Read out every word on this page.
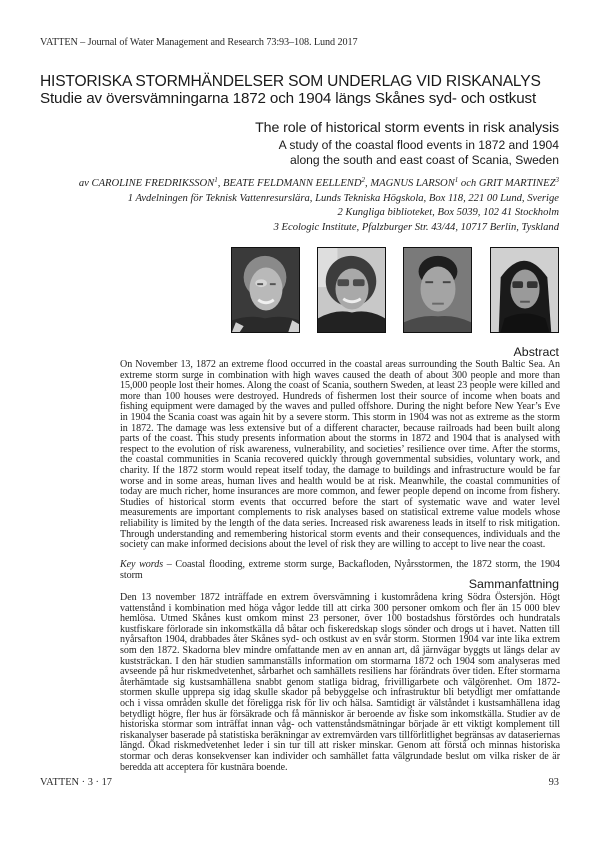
VATTEN – Journal of Water Management and Research 73:93–108. Lund 2017
HISTORISKA STORMHÄNDELSER SOM UNDERLAG VID RISKANALYS
Studie av översvämningarna 1872 och 1904 längs Skånes syd- och ostkust
The role of historical storm events in risk analysis
A study of the coastal flood events in 1872 and 1904
along the south and east coast of Scania, Sweden
av CAROLINE FREDRIKSSON$^1$, BEATE FELDMANN EELLEND$^2$, MAGNUS LARSON$^1$ och GRIT MARTINEZ$^3$
1 Avdelningen för Teknisk Vattenresurslära, Lunds Tekniska Högskola, Box 118, 221 00 Lund, Sverige
2 Kungliga biblioteket, Box 5039, 102 41 Stockholm
3 Ecologic Institute, Pfalzburger Str. 43/44, 10717 Berlin, Tyskland
Abstract
On November 13, 1872 an extreme flood occurred in the coastal areas surrounding the South Baltic Sea. An extreme storm surge in combination with high waves caused the death of about 300 people and more than 15,000 people lost their homes. Along the coast of Scania, southern Sweden, at least 23 people were killed and more than 100 houses were destroyed. Hundreds of fishermen lost their source of income when boats and fishing equipment were damaged by the waves and pulled offshore. During the night before New Year’s Eve in 1904 the Scania coast was again hit by a severe storm. This storm in 1904 was not as extreme as the storm in 1872. The damage was less extensive but of a different character, because railroads had been built along parts of the coast. This study presents information about the storms in 1872 and 1904 that is analysed with respect to the evolution of risk awareness, vulnerability, and societies’ resilience over time. After the storms, the coastal communities in Scania recovered quickly through governmental subsidies, voluntary work, and charity. If the 1872 storm would repeat itself today, the damage to buildings and infrastructure would be far worse and in some areas, human lives and health would be at risk. Meanwhile, the coastal communities of today are much richer, home insurances are more common, and fewer people depend on income from fishery. Studies of historical storm events that occurred before the start of systematic wave and water level measurements are important complements to risk analyses based on statistical extreme value models whose reliability is limited by the length of the data series. Increased risk awareness leads in itself to risk mitigation. Through understanding and remembering historical storm events and their consequences, individuals and the society can make informed decisions about the level of risk they are willing to accept to live near the coast.
Key words – Coastal flooding, extreme storm surge, Backafloden, Nyårsstormen, the 1872 storm, the 1904 storm
Sammanfattning
Den 13 november 1872 inträffade en extrem översvämning i kustområdena kring Södra Östersjön. Högt vattenstånd i kombination med höga vågor ledde till att cirka 300 personer omkom och fler än 15 000 blev hemlösa. Utmed Skånes kust omkom minst 23 personer, över 100 bostadshus förstördes och hundratals kustfiskare förlorade sin inkomstkälla då båtar och fiskeredskap slogs sönder och drogs ut i havet. Natten till nyårsafton 1904, drabbades åter Skånes syd- och ostkust av en svår storm. Stormen 1904 var inte lika extrem som den 1872. Skadorna blev mindre omfattande men av en annan art, då järnvägar byggts ut längs delar av kuststräckan. I den här studien sammanställs information om stormarna 1872 och 1904 som analyseras med avseende på hur riskmedvetenhet, sårbarhet och samhällets resiliens har förändrats över tiden. Efter stormarna återhämtade sig kustsamhällena snabbt genom statliga bidrag, frivilligarbete och välgörenhet. Om 1872-stormen skulle upprepa sig idag skulle skador på bebyggelse och infrastruktur bli betydligt mer omfattande och i vissa områden skulle det föreligga risk för liv och hälsa. Samtidigt är välståndet i kustsamhällena idag betydligt högre, fler hus är försäkrade och få människor är beroende av fiske som inkomstkälla. Studier av de historiska stormar som inträffat innan våg- och vattenståndsmätningar började är ett viktigt komplement till riskanalyser baserade på statistiska beräkningar av extremvärden vars tillförlitlighet begränsas av dataseriernas längd. Ökad riskmedvetenhet leder i sin tur till att risker minskar. Genom att förstå och minnas historiska stormar och deras konsekvenser kan individer och samhället fatta välgrundade beslut om vilka risker de är beredda att acceptera för kustnära boende.
VATTEN · 3 · 17	93
